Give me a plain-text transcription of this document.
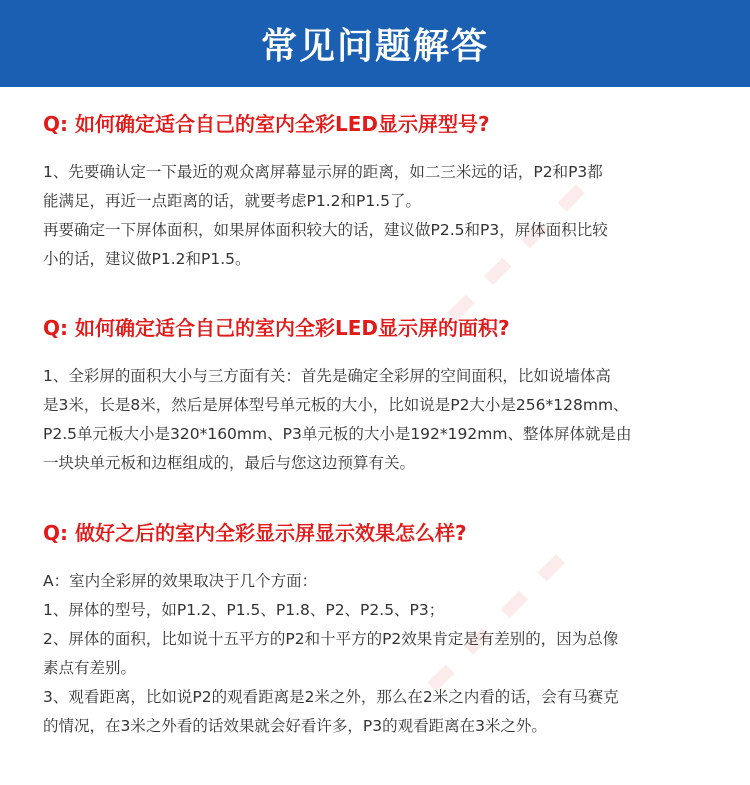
常见问题解答
▬ ▬ ▬ ▬
▬ ▬ ▬ ▬

Q: 如何确定适合自己的室内全彩LED显示屏型号?

1、先要确认定一下最近的观众离屏幕显示屏的距离，如二三米远的话，P2和P3都

能满足，再近一点距离的话，就要考虑P1.2和P1.5了。

再要确定一下屏体面积，如果屏体面积较大的话，建议做P2.5和P3，屏体面积比较

小的话，建议做P1.2和P1.5。

Q: 如何确定适合自己的室内全彩LED显示屏的面积?

1、全彩屏的面积大小与三方面有关：首先是确定全彩屏的空间面积，比如说墙体高

是3米，长是8米，然后是屏体型号单元板的大小，比如说是P2大小是256*128mm、

P2.5单元板大小是320*160mm、P3单元板的大小是192*192mm、整体屏体就是由

一块块单元板和边框组成的，最后与您这边预算有关。

Q: 做好之后的室内全彩显示屏显示效果怎么样?

A：室内全彩屏的效果取决于几个方面：

1、屏体的型号，如P1.2、P1.5、P1.8、P2、P2.5、P3；

2、屏体的面积，比如说十五平方的P2和十平方的P2效果肯定是有差别的，因为总像

素点有差别。

3、观看距离，比如说P2的观看距离是2米之外，那么在2米之内看的话，会有马赛克

的情况，在3米之外看的话效果就会好看许多，P3的观看距离在3米之外。
